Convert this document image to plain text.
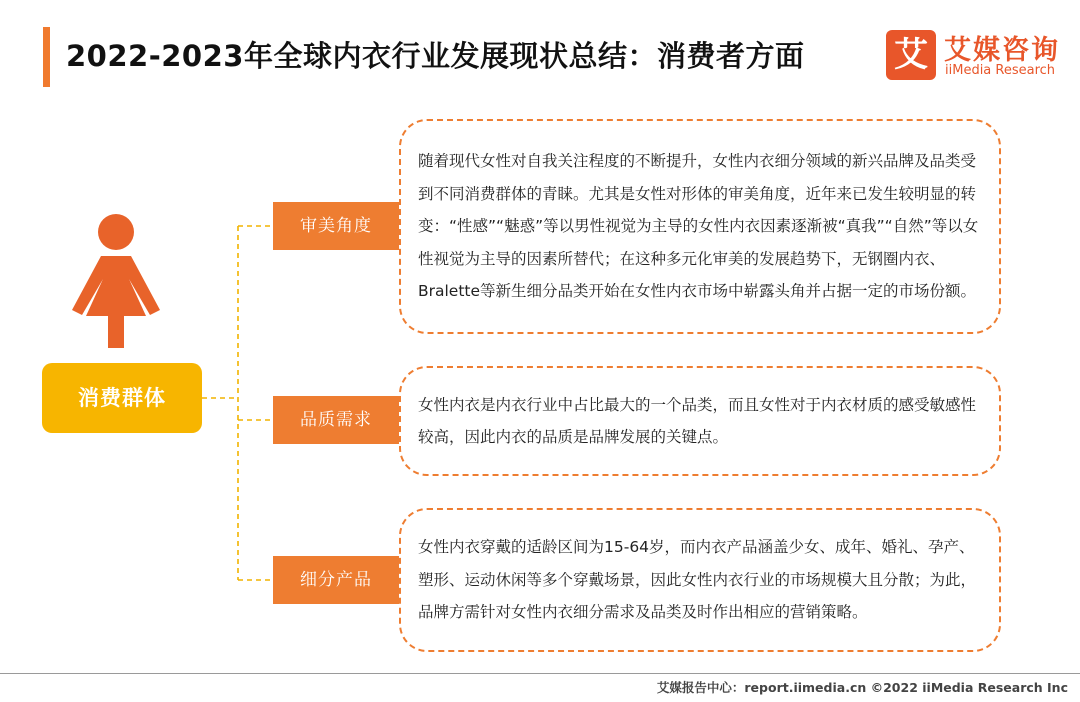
2022-2023年全球内衣行业发展现状总结：消费者方面	艾 艾媒咨询
iiMedia Research
消费群体
审美角度
品质需求
细分产品
随着现代女性对自我关注程度的不断提升，女性内衣细分领域的新兴品牌及品类受到不同消费群体的青睐。尤其是女性对形体的审美角度，近年来已发生较明显的转变：“性感”“魅惑”等以男性视觉为主导的女性内衣因素逐渐被“真我”“自然”等以女性视觉为主导的因素所替代；在这种多元化审美的发展趋势下，无钢圈内衣、Bralette等新生细分品类开始在女性内衣市场中崭露头角并占据一定的市场份额。
女性内衣是内衣行业中占比最大的一个品类，而且女性对于内衣材质的感受敏感性较高，因此内衣的品质是品牌发展的关键点。
女性内衣穿戴的适龄区间为15-64岁，而内衣产品涵盖少女、成年、婚礼、孕产、塑形、运动休闲等多个穿戴场景，因此女性内衣行业的市场规模大且分散；为此，品牌方需针对女性内衣细分需求及品类及时作出相应的营销策略。
艾媒报告中心：report.iimedia.cn ©2022 iiMedia Research Inc
